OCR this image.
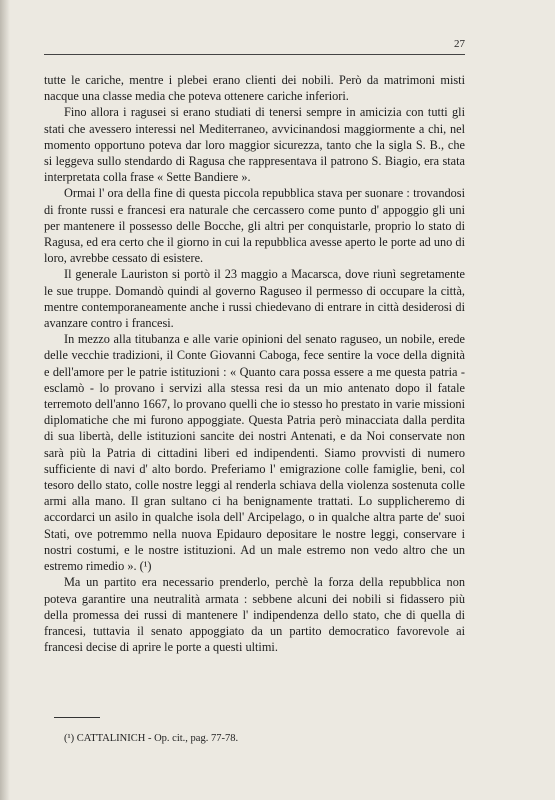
27

tutte le cariche, mentre i plebei erano clienti dei nobili. Però da matrimoni misti nacque una classe media che poteva ottenere cariche inferiori.

Fino allora i ragusei si erano studiati di tenersi sempre in amicizia con tutti gli stati che avessero interessi nel Mediterraneo, avvicinandosi maggiormente a chi, nel momento opportuno poteva dar loro maggior sicurezza, tanto che la sigla S. B., che si leggeva sullo stendardo di Ragusa che rappresentava il patrono S. Biagio, era stata interpretata colla frase « Sette Bandiere ».

Ormai l' ora della fine di questa piccola repubblica stava per suonare : trovandosi di fronte russi e francesi era naturale che cercassero come punto d' appoggio gli uni per mantenere il possesso delle Bocche, gli altri per conquistarle, proprio lo stato di Ragusa, ed era certo che il giorno in cui la repubblica avesse aperto le porte ad uno di loro, avrebbe cessato di esistere.

Il generale Lauriston si portò il 23 maggio a Macarsca, dove riunì segretamente le sue truppe. Domandò quindi al governo Raguseo il permesso di occupare la città, mentre contemporaneamente anche i russi chiedevano di entrare in città desiderosi di avanzare contro i francesi.

In mezzo alla titubanza e alle varie opinioni del senato raguseo, un nobile, erede delle vecchie tradizioni, il Conte Giovanni Caboga, fece sentire la voce della dignità e dell'amore per le patrie istituzioni : « Quanto cara possa essere a me questa patria - esclamò - lo provano i servizi alla stessa resi da un mio antenato dopo il fatale terremoto dell'anno 1667, lo provano quelli che io stesso ho prestato in varie missioni diplomatiche che mi furono appoggiate. Questa Patria però minacciata dalla perdita di sua libertà, delle istituzioni sancite dei nostri Antenati, e da Noi conservate non sarà più la Patria di cittadini liberi ed indipendenti. Siamo provvisti di numero sufficiente di navi d' alto bordo. Preferiamo l' emigrazione colle famiglie, beni, col tesoro dello stato, colle nostre leggi al renderla schiava della violenza sostenuta colle armi alla mano. Il gran sultano ci ha benignamente trattati. Lo supplicheremo di accordarci un asilo in qualche isola dell' Arcipelago, o in qualche altra parte de' suoi Stati, ove potremmo nella nuova Epidauro depositare le nostre leggi, conservare i nostri costumi, e le nostre istituzioni. Ad un male estremo non vedo altro che un estremo rimedio ». (¹)

Ma un partito era necessario prenderlo, perchè la forza della repubblica non poteva garantire una neutralità armata : sebbene alcuni dei nobili si fidassero più della promessa dei russi di mantenere l' indipendenza dello stato, che di quella di francesi, tuttavia il senato appoggiato da un partito democratico favorevole ai francesi decise di aprire le porte a questi ultimi.

(¹) CATTALINICH - Op. cit., pag. 77-78.
